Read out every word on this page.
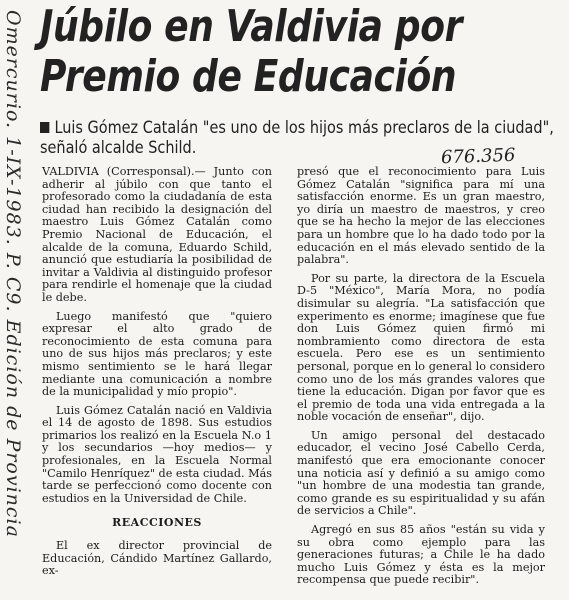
Omercurio. 1-IX-1983. P. C9. Edición de Provincia Júbilo en Valdivia por
Premio de Educación
Luis Gómez Catalán "es uno de los hijos más preclaros de la ciudad", señaló alcalde Schild.	676.356

VALDIVIA (Corresponsal).— Junto con adherir al júbilo con que tanto el profesorado como la ciudadanía de esta ciudad han recibido la designación del maestro Luis Gómez Catalán como Premio Nacional de Educación, el alcalde de la comuna, Eduardo Schild, anunció que estudiaría la posibilidad de invitar a Valdivia al distinguido profesor para rendirle el homenaje que la ciudad le debe.

Luego manifestó que "quiero expresar el alto grado de reconocimiento de esta comuna para uno de sus hijos más preclaros; y este mismo sentimiento se le hará llegar mediante una comunicación a nombre de la municipalidad y mío propio".

Luis Gómez Catalán nació en Valdivia el 14 de agosto de 1898. Sus estudios primarios los realizó en la Escuela N.o 1 y los secundarios —hoy medios— y profesionales, en la Escuela Normal "Camilo Henríquez" de esta ciudad. Más tarde se perfeccionó como docente con estudios en la Universidad de Chile.

REACCIONES

El ex director provincial de Educación, Cándido Martínez Gallardo, ex-

presó que el reconocimiento para Luis Gómez Catalán "significa para mí una satisfacción enorme. Es un gran maestro, yo diría un maestro de maestros, y creo que se ha hecho la mejor de las elecciones para un hombre que lo ha dado todo por la educación en el más elevado sentido de la palabra".

Por su parte, la directora de la Escuela D-5 "México", María Mora, no podía disimular su alegría. "La satisfacción que experimento es enorme; imagínese que fue don Luis Gómez quien firmó mi nombramiento como directora de esta escuela. Pero ese es un sentimiento personal, porque en lo general lo considero como uno de los más grandes valores que tiene la educación. Digan por favor que es el premio de toda una vida entregada a la noble vocación de enseñar", dijo.

Un amigo personal del destacado educador, el vecino José Cabello Cerda, manifestó que era emocionante conocer una noticia así y definió a su amigo como "un hombre de una modestia tan grande, como grande es su espiritualidad y su afán de servicios a Chile".

Agregó en sus 85 años "están su vida y su obra como ejemplo para las generaciones futuras; a Chile le ha dado mucho Luis Gómez y ésta es la mejor recompensa que puede recibir".
